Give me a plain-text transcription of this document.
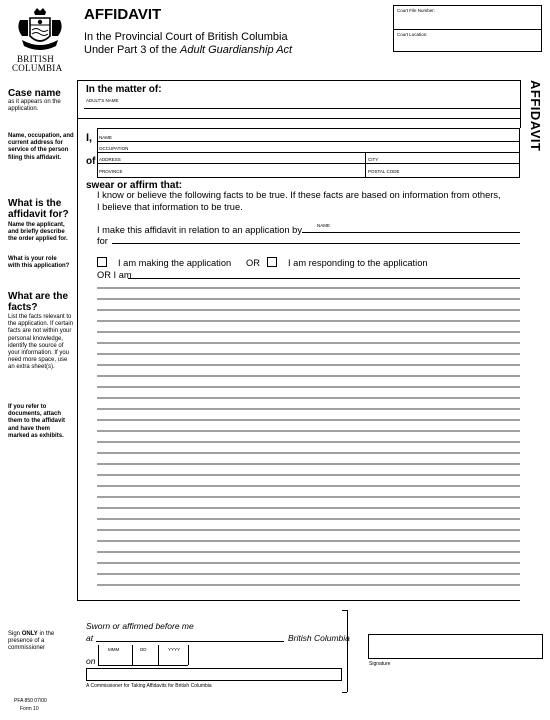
BRITISH
COLUMBIA
AFFIDAVIT
In the Provincial Court of British Columbia
Under Part 3 of the Adult Guardianship Act
Court File Number:
Court Location:
AFFIDAVIT
Case name
as it appears on the application.
Name, occupation, and current address for service of the person filing this affidavit.
What is the affidavit for?
Name the applicant, and briefly describe the order applied for.
What is your role with this application?
What are the facts?
List the facts relevant to the application. If certain facts are not within your personal knowledge, identify the source of your information. If you need more space, use an extra sheet(s).
If you refer to documents, attach them to the affidavit and have them marked as exhibits.
Sign ONLY in the presence of a commissioner
PFA 850 07/00
Form 10
In the matter of:
ADULT'S NAME
I,
of
NAME
OCCUPATION
ADDRESS	CITY
PROVINCE	POSTAL CODE
swear or affirm that:
I know or believe the following facts to be true. If these facts are based on information from others,
I believe that information to be true.
I make this affidavit in relation to an application by	NAME
for
I am making the application OR	I am responding to the application
OR I am
Sworn or affirmed before me
at	British Columbia
on
MMM	DD	YYYY
A Commissioner for Taking Affidavits for British Columbia
Signature
